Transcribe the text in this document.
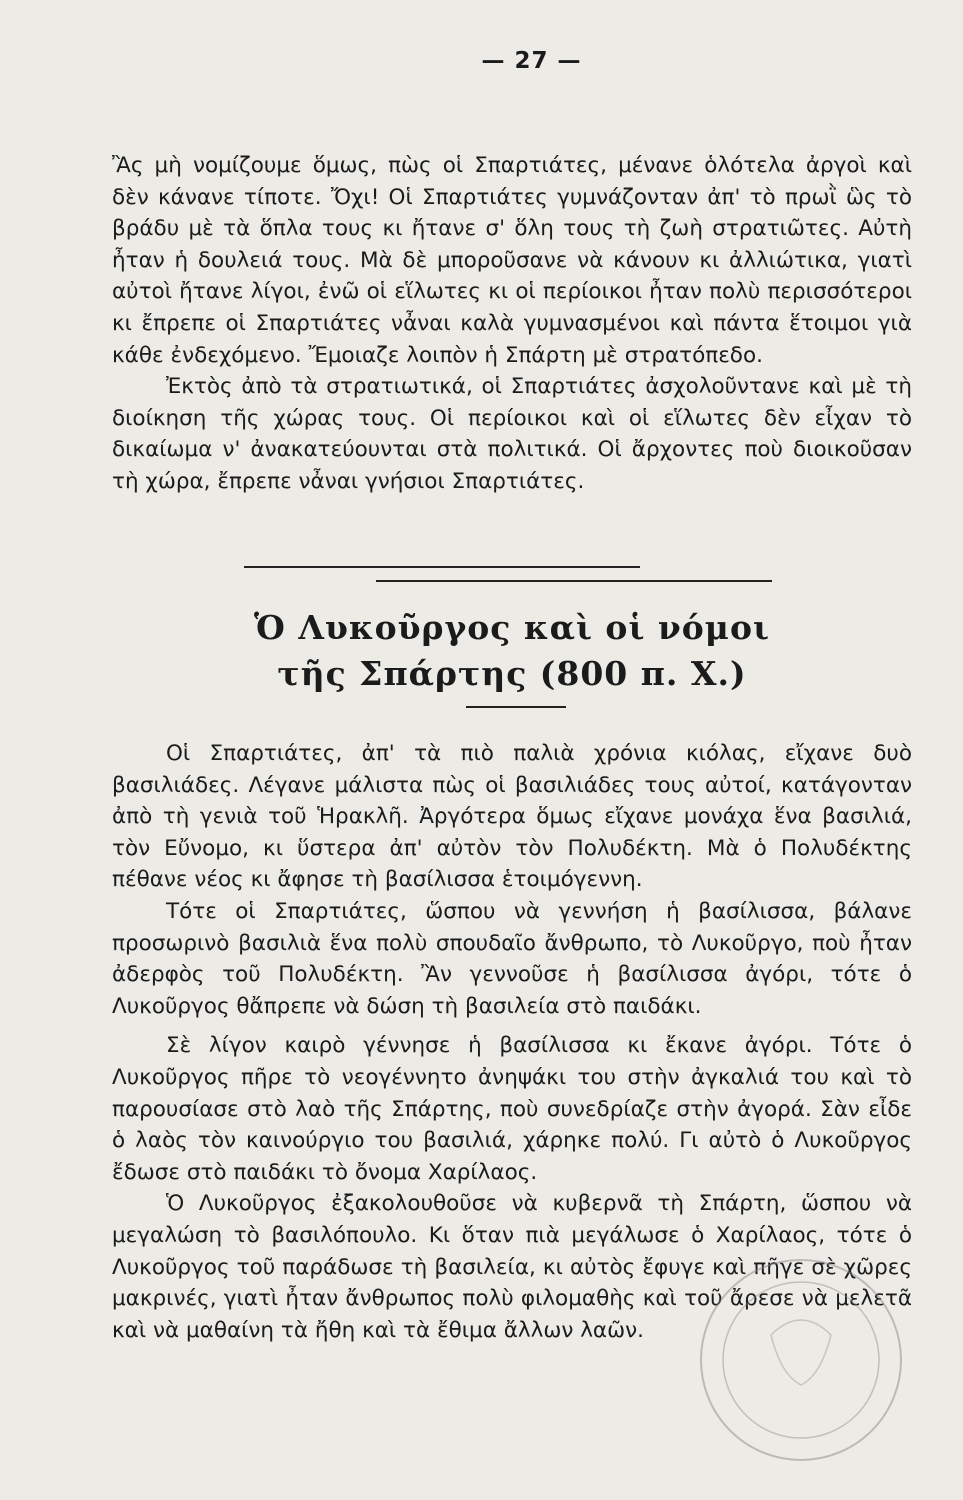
— 27 —

Ἂς μὴ νομίζουμε ὅμως, πὼς οἱ Σπαρτιάτες, μένανε ὁλότελα ἀργοὶ καὶ δὲν κάνανε τίποτε. Ὄχι! Οἱ Σπαρτιάτες γυμνάζονταν ἀπ' τὸ πρωῒ ὣς τὸ βράδυ μὲ τὰ ὅπλα τους κι ἤτανε σ' ὅλη τους τὴ ζωὴ στρατιῶτες. Αὐτὴ ἦταν ἡ δουλειά τους. Μὰ δὲ μποροῦσανε νὰ κάνουν κι ἀλλιώτικα, γιατὶ αὐτοὶ ἤτανε λίγοι, ἐνῶ οἱ εἵλωτες κι οἱ περίοικοι ἦταν πολὺ περισσότεροι κι ἔπρεπε οἱ Σπαρτιάτες νἆναι καλὰ γυμνασμένοι καὶ πάντα ἕτοιμοι γιὰ κάθε ἐνδεχόμενο. Ἔμοιαζε λοιπὸν ἡ Σπάρτη μὲ στρατόπεδο.

Ἐκτὸς ἀπὸ τὰ στρατιωτικά, οἱ Σπαρτιάτες ἀσχολοῦντανε καὶ μὲ τὴ διοίκηση τῆς χώρας τους. Οἱ περίοικοι καὶ οἱ εἵλωτες δὲν εἶχαν τὸ δικαίωμα ν' ἀνακατεύουνται στὰ πολιτικά. Οἱ ἄρχοντες ποὺ διοικοῦσαν τὴ χώρα, ἔπρεπε νἆναι γνήσιοι Σπαρτιάτες.

Ὁ Λυκοῦργος καὶ οἱ νόμοι
τῆς Σπάρτης (800 π. Χ.)

Οἱ Σπαρτιάτες, ἀπ' τὰ πιὸ παλιὰ χρόνια κιόλας, εἴχανε δυὸ βασιλιάδες. Λέγανε μάλιστα πὼς οἱ βασιλιάδες τους αὐτοί, κατάγονταν ἀπὸ τὴ γενιὰ τοῦ Ἡρακλῆ. Ἀργότερα ὅμως εἴχανε μονάχα ἕνα βασιλιά, τὸν Εὔνομο, κι ὕστερα ἀπ' αὐτὸν τὸν Πολυδέκτη. Μὰ ὁ Πολυδέκτης πέθανε νέος κι ἄφησε τὴ βασίλισσα ἑτοιμόγεννη.

Τότε οἱ Σπαρτιάτες, ὥσπου νὰ γεννήση ἡ βασίλισσα, βάλανε προσωρινὸ βασιλιὰ ἕνα πολὺ σπουδαῖο ἄνθρωπο, τὸ Λυκοῦργο, ποὺ ἦταν ἀδερφὸς τοῦ Πολυδέκτη. Ἂν γεννοῦσε ἡ βασίλισσα ἀγόρι, τότε ὁ Λυκοῦργος θἄπρεπε νὰ δώση τὴ βασιλεία στὸ παιδάκι.

Σὲ λίγον καιρὸ γέννησε ἡ βασίλισσα κι ἔκανε ἀγόρι. Τότε ὁ Λυκοῦργος πῆρε τὸ νεογέννητο ἀνηψάκι του στὴν ἀγκαλιά του καὶ τὸ παρουσίασε στὸ λαὸ τῆς Σπάρτης, ποὺ συνεδρίαζε στὴν ἀγορά. Σὰν εἶδε ὁ λαὸς τὸν καινούργιο του βασιλιά, χάρηκε πολύ. Γι αὐτὸ ὁ Λυκοῦργος ἔδωσε στὸ παιδάκι τὸ ὄνομα Χαρίλαος.

Ὁ Λυκοῦργος ἐξακολουθοῦσε νὰ κυβερνᾶ τὴ Σπάρτη, ὥσπου νὰ μεγαλώση τὸ βασιλόπουλο. Κι ὅταν πιὰ μεγάλωσε ὁ Χαρίλαος, τότε ὁ Λυκοῦργος τοῦ παράδωσε τὴ βασιλεία, κι αὐτὸς ἔφυγε καὶ πῆγε σὲ χῶρες μακρινές, γιατὶ ἦταν ἄνθρωπος πολὺ φιλομαθὴς καὶ τοῦ ἄρεσε νὰ μελετᾶ καὶ νὰ μαθαίνη τὰ ἤθη καὶ τὰ ἔθιμα ἄλλων λαῶν.
